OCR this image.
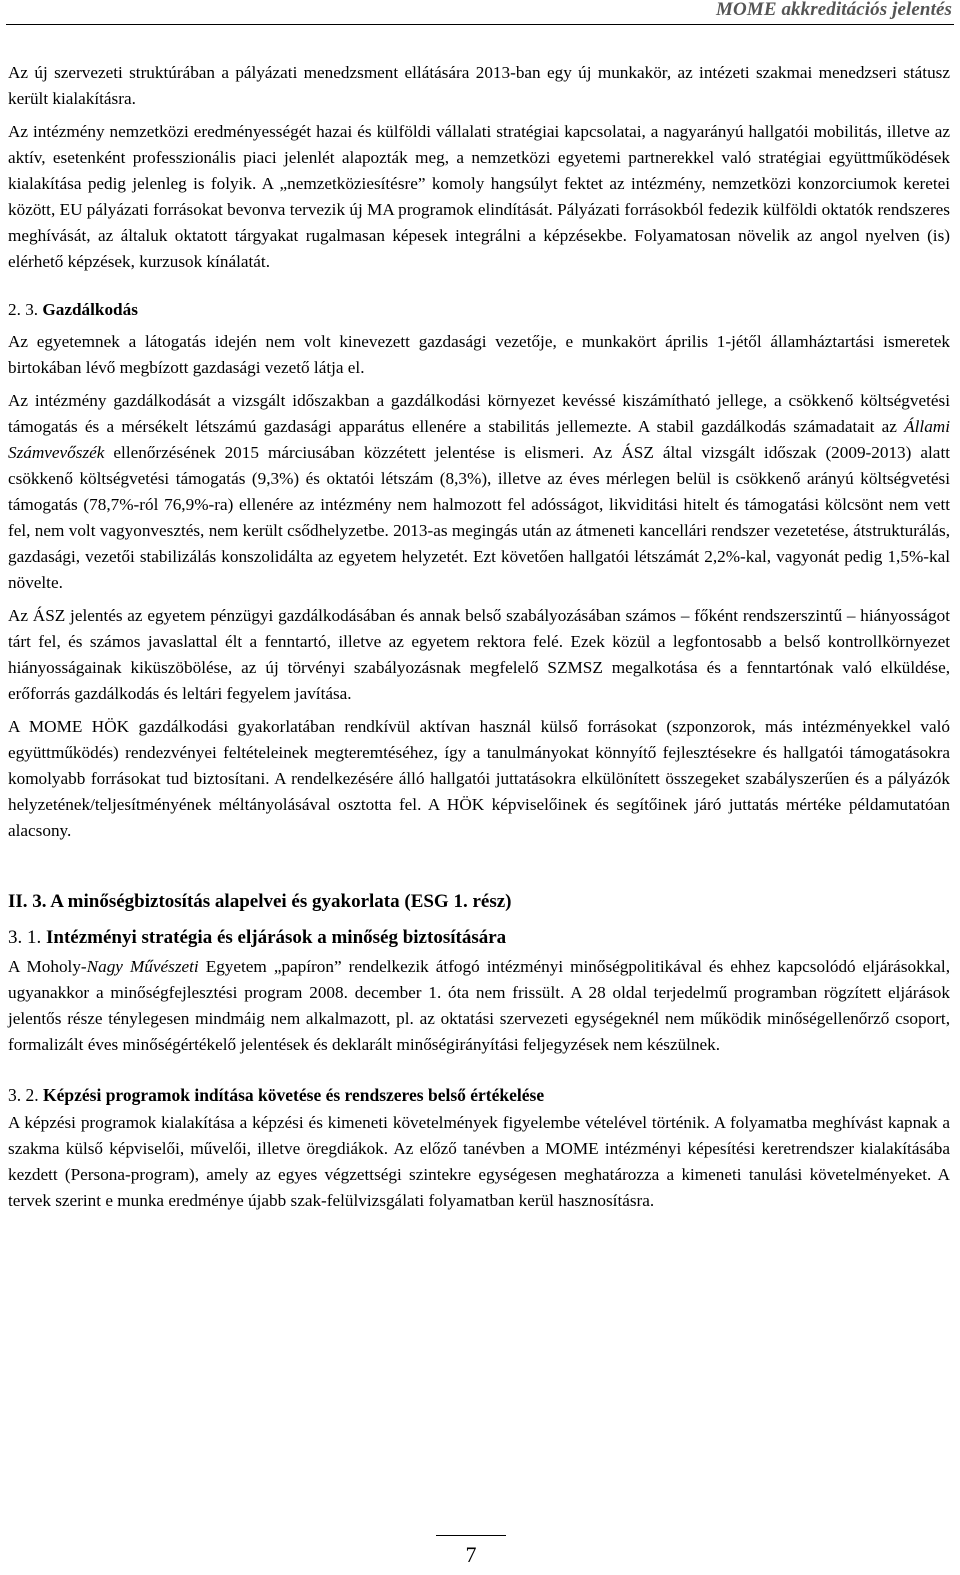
MOME akkreditációs jelentés

Az új szervezeti struktúrában a pályázati menedzsment ellátására 2013-ban egy új munkakör, az intézeti szakmai menedzseri státusz került kialakításra.

Az intézmény nemzetközi eredményességét hazai és külföldi vállalati stratégiai kapcsolatai, a nagyarányú hallgatói mobilitás, illetve az aktív, esetenként professzionális piaci jelenlét alapozták meg, a nemzetközi egyetemi partnerekkel való stratégiai együttműködések kialakítása pedig jelenleg is folyik. A „nemzetköziesítésre” komoly hangsúlyt fektet az intézmény, nemzetközi konzorciumok keretei között, EU pályázati forrásokat bevonva tervezik új MA programok elindítását. Pályázati forrásokból fedezik külföldi oktatók rendszeres meghívását, az általuk oktatott tárgyakat rugalmasan képesek integrálni a képzésekbe. Folyamatosan növelik az angol nyelven (is) elérhető képzések, kurzusok kínálatát.

2. 3. Gazdálkodás

Az egyetemnek a látogatás idején nem volt kinevezett gazdasági vezetője, e munkakört április 1-jétől államháztartási ismeretek birtokában lévő megbízott gazdasági vezető látja el.

Az intézmény gazdálkodását a vizsgált időszakban a gazdálkodási környezet kevéssé kiszámítható jellege, a csökkenő költségvetési támogatás és a mérsékelt létszámú gazdasági apparátus ellenére a stabilitás jellemezte. A stabil gazdálkodás számadatait az Állami Számvevőszék ellenőrzésének 2015 márciusában közzétett jelentése is elismeri. Az ÁSZ által vizsgált időszak (2009-2013) alatt csökkenő költségvetési támogatás (9,3%) és oktatói létszám (8,3%), illetve az éves mérlegen belül is csökkenő arányú költségvetési támogatás (78,7%-ról 76,9%-ra) ellenére az intézmény nem halmozott fel adósságot, likviditási hitelt és támogatási kölcsönt nem vett fel, nem volt vagyonvesztés, nem került csődhelyzetbe. 2013-as megingás után az átmeneti kancellári rendszer vezetetése, átstrukturálás, gazdasági, vezetői stabilizálás konszolidálta az egyetem helyzetét. Ezt követően hallgatói létszámát 2,2%-kal, vagyonát pedig 1,5%-kal növelte.

Az ÁSZ jelentés az egyetem pénzügyi gazdálkodásában és annak belső szabályozásában számos – főként rendszerszintű – hiányosságot tárt fel, és számos javaslattal élt a fenntartó, illetve az egyetem rektora felé. Ezek közül a legfontosabb a belső kontrollkörnyezet hiányosságainak kiküszöbölése, az új törvényi szabályozásnak megfelelő SZMSZ megalkotása és a fenntartónak való elküldése, erőforrás gazdálkodás és leltári fegyelem javítása.

A MOME HÖK gazdálkodási gyakorlatában rendkívül aktívan használ külső forrásokat (szponzorok, más intézményekkel való együttműködés) rendezvényei feltételeinek megteremtéséhez, így a tanulmányokat könnyítő fejlesztésekre és hallgatói támogatásokra komolyabb forrásokat tud biztosítani. A rendelkezésére álló hallgatói juttatásokra elkülönített összegeket szabályszerűen és a pályázók helyzetének/teljesítményének méltányolásával osztotta fel. A HÖK képviselőinek és segítőinek járó juttatás mértéke példamutatóan alacsony.

II. 3. A minőségbiztosítás alapelvei és gyakorlata (ESG 1. rész)
3. 1. Intézményi stratégia és eljárások a minőség biztosítására

A Moholy-Nagy Művészeti Egyetem „papíron” rendelkezik átfogó intézményi minőségpolitikával és ehhez kapcsolódó eljárásokkal, ugyanakkor a minőségfejlesztési program 2008. december 1. óta nem frissült. A 28 oldal terjedelmű programban rögzített eljárások jelentős része ténylegesen mindmáig nem alkalmazott, pl. az oktatási szervezeti egységeknél nem működik minőségellenőrző csoport, formalizált éves minőségértékelő jelentések és deklarált minőségirányítási feljegyzések nem készülnek.

3. 2. Képzési programok indítása követése és rendszeres belső értékelése

A képzési programok kialakítása a képzési és kimeneti követelmények figyelembe vételével történik. A folyamatba meghívást kapnak a szakma külső képviselői, művelői, illetve öregdiákok. Az előző tanévben a MOME intézményi képesítési keretrendszer kialakításába kezdett (Persona-program), amely az egyes végzettségi szintekre egységesen meghatározza a kimeneti tanulási követelményeket. A tervek szerint e munka eredménye újabb szak-felülvizsgálati folyamatban kerül hasznosításra.

7
